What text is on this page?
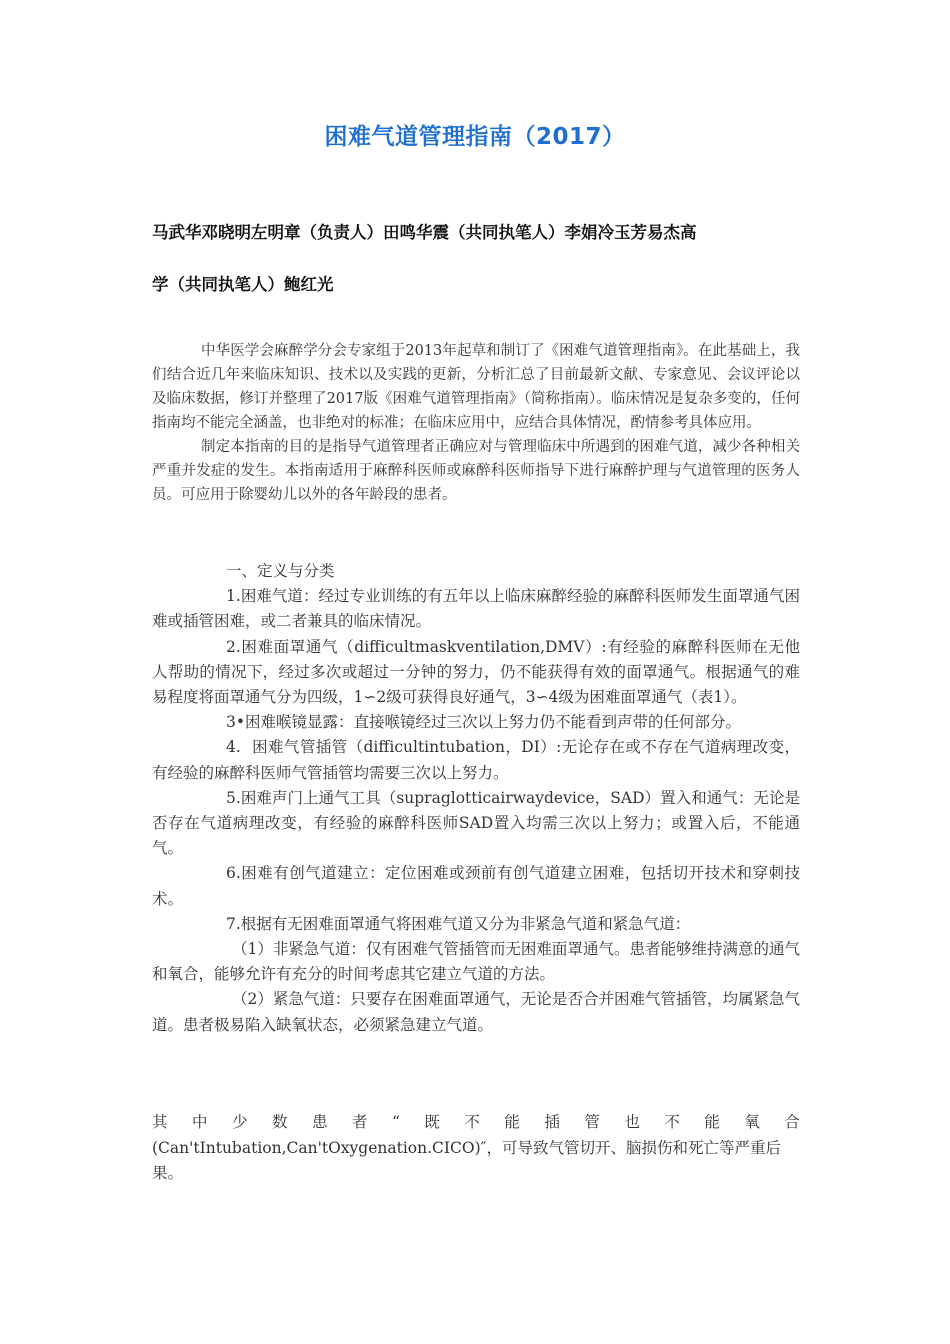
困难气道管理指南（2017）
马武华邓晓明左明章（负责人）田鸣华震（共同执笔人）李娟冷玉芳易杰高
学（共同执笔人）鲍红光

中华医学会麻醉学分会专家组于2013年起草和制订了《困难气道管理指南》。在此基础上，我们结合近几年来临床知识、技术以及实践的更新，分析汇总了目前最新文献、专家意见、会议评论以及临床数据，修订并整理了2017版《困难气道管理指南》（简称指南）。临床情况是复杂多变的，任何指南均不能完全涵盖，也非绝对的标准；在临床应用中，应结合具体情况，酌情参考具体应用。

制定本指南的目的是指导气道管理者正确应对与管理临床中所遇到的困难气道，减少各种相关严重并发症的发生。本指南适用于麻醉科医师或麻醉科医师指导下进行麻醉护理与气道管理的医务人员。可应用于除婴幼儿以外的各年龄段的患者。

一、定义与分类

1.困难气道：经过专业训练的有五年以上临床麻醉经验的麻醉科医师发生面罩通气困难或插管困难，或二者兼具的临床情况。

2.困难面罩通气（difficultmaskventilation,DMV）:有经验的麻醉科医师在无他人帮助的情况下，经过多次或超过一分钟的努力，仍不能获得有效的面罩通气。根据通气的难易程度将面罩通气分为四级，1∽2级可获得良好通气，3∽4级为困难面罩通气（表1）。

3•困难喉镜显露：直接喉镜经过三次以上努力仍不能看到声带的任何部分。

4. 困难气管插管（difficultintubation，DI）:无论存在或不存在气道病理改变，有经验的麻醉科医师气管插管均需要三次以上努力。

5.困难声门上通气工具（supraglotticairwaydevice，SAD）置入和通气：无论是否存在气道病理改变，有经验的麻醉科医师SAD置入均需三次以上努力；或置入后，不能通气。

6.困难有创气道建立：定位困难或颈前有创气道建立困难，包括切开技术和穿刺技术。

7.根据有无困难面罩通气将困难气道又分为非紧急气道和紧急气道：

（1）非紧急气道：仅有困难气管插管而无困难面罩通气。患者能够维持满意的通气和氧合，能够允许有充分的时间考虑其它建立气道的方法。

（2）紧急气道：只要存在困难面罩通气，无论是否合并困难气管插管，均属紧急气道。患者极易陷入缺氧状态，必须紧急建立气道。

其 中 少 数 患 者 “ 既 不 能 插 管 也 不 能 氧 合

(Can'tIntubation,Can'tOxygenation.CICO)″，可导致气管切开、脑损伤和死亡等严重后果。
